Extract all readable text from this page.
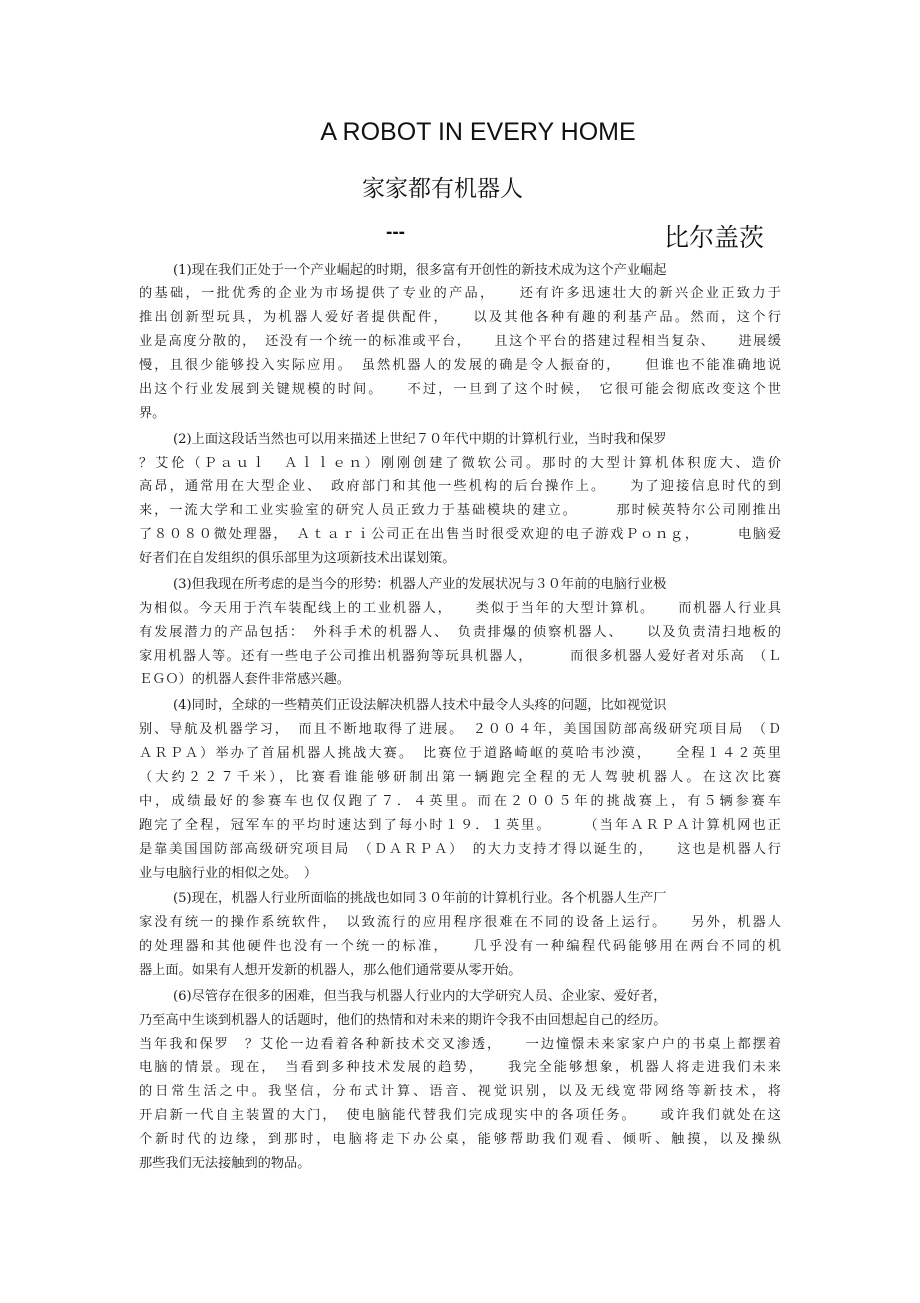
A ROBOT IN EVERY HOME
家家都有机器人
---	比尔盖茨
(1)现在我们正处于一个产业崛起的时期，很多富有开创性的新技术成为这个产业崛起
的基础，一批优秀的企业为市场提供了专业的产品，　　还有许多迅速壮大的新兴企业正致力于
推出创新型玩具，为机器人爱好者提供配件，　　以及其他各种有趣的利基产品。然而，这个行
业是高度分散的，　还没有一个统一的标准或平台，　　且这个平台的搭建过程相当复杂、　　进展缓
慢，且很少能够投入实际应用。　虽然机器人的发展的确是令人振奋的，　　但谁也不能准确地说
出这个行业发展到关键规模的时间。　　不过，一旦到了这个时候，　它很可能会彻底改变这个世
界。
(2)上面这段话当然也可以用来描述上世纪７０年代中期的计算机行业，当时我和保罗
？艾伦（Ｐａｕｌ　Ａｌｌｅｎ）刚刚创建了微软公司。那时的大型计算机体积庞大、造价
高昂，通常用在大型企业、　政府部门和其他一些机构的后台操作上。　　为了迎接信息时代的到
来，一流大学和工业实验室的研究人员正致力于基础模块的建立。　　　那时候英特尔公司刚推出
了８０８０微处理器，　Ａｔａｒｉ公司正在出售当时很受欢迎的电子游戏Ｐｏｎｇ，　　　电脑爱
好者们在自发组织的俱乐部里为这项新技术出谋划策。
(3)但我现在所考虑的是当今的形势：机器人产业的发展状况与３０年前的电脑行业极
为相似。今天用于汽车装配线上的工业机器人，　　类似于当年的大型计算机。　　而机器人行业具
有发展潜力的产品包括：　外科手术的机器人、　负责排爆的侦察机器人、　　以及负责清扫地板的
家用机器人等。还有一些电子公司推出机器狗等玩具机器人，　　　而很多机器人爱好者对乐高　（Ｌ
ＥＧＯ）的机器人套件非常感兴趣。
(4)同时，全球的一些精英们正设法解决机器人技术中最令人头疼的问题，比如视觉识
别、导航及机器学习，　而且不断地取得了进展。　２００４年，美国国防部高级研究项目局　（Ｄ
ＡＲＰＡ）举办了首届机器人挑战大赛。　比赛位于道路崎岖的莫哈韦沙漠，　　全程１４２英里
（大约２２７千米），比赛看谁能够研制出第一辆跑完全程的无人驾驶机器人。在这次比赛
中，成绩最好的参赛车也仅仅跑了７．４英里。而在２００５年的挑战赛上，有５辆参赛车
跑完了全程，冠军车的平均时速达到了每小时１９．１英里。　　　（当年ＡＲＰＡ计算机网也正
是靠美国国防部高级研究项目局　（ＤＡＲＰＡ）　的大力支持才得以诞生的，　　这也是机器人行
业与电脑行业的相似之处。　）
(5)现在，机器人行业所面临的挑战也如同３０年前的计算机行业。各个机器人生产厂
家没有统一的操作系统软件，　以致流行的应用程序很难在不同的设备上运行。　　另外，机器人
的处理器和其他硬件也没有一个统一的标准，　　几乎没有一种编程代码能够用在两台不同的机
器上面。如果有人想开发新的机器人，那么他们通常要从零开始。
(6)尽管存在很多的困难，但当我与机器人行业内的大学研究人员、企业家、爱好者，
乃至高中生谈到机器人的话题时，他们的热情和对未来的期许令我不由回想起自己的经历。
当年我和保罗　？艾伦一边看着各种新技术交叉渗透，　　一边憧憬未来家家户户的书桌上都摆着
电脑的情景。现在，　当看到多种技术发展的趋势，　　我完全能够想象，机器人将走进我们未来
的日常生活之中。我坚信，分布式计算、语音、视觉识别，以及无线宽带网络等新技术，将
开启新一代自主装置的大门，　使电脑能代替我们完成现实中的各项任务。　　或许我们就处在这
个新时代的边缘，到那时，电脑将走下办公桌，能够帮助我们观看、倾听、触摸，以及操纵
那些我们无法接触到的物品。
